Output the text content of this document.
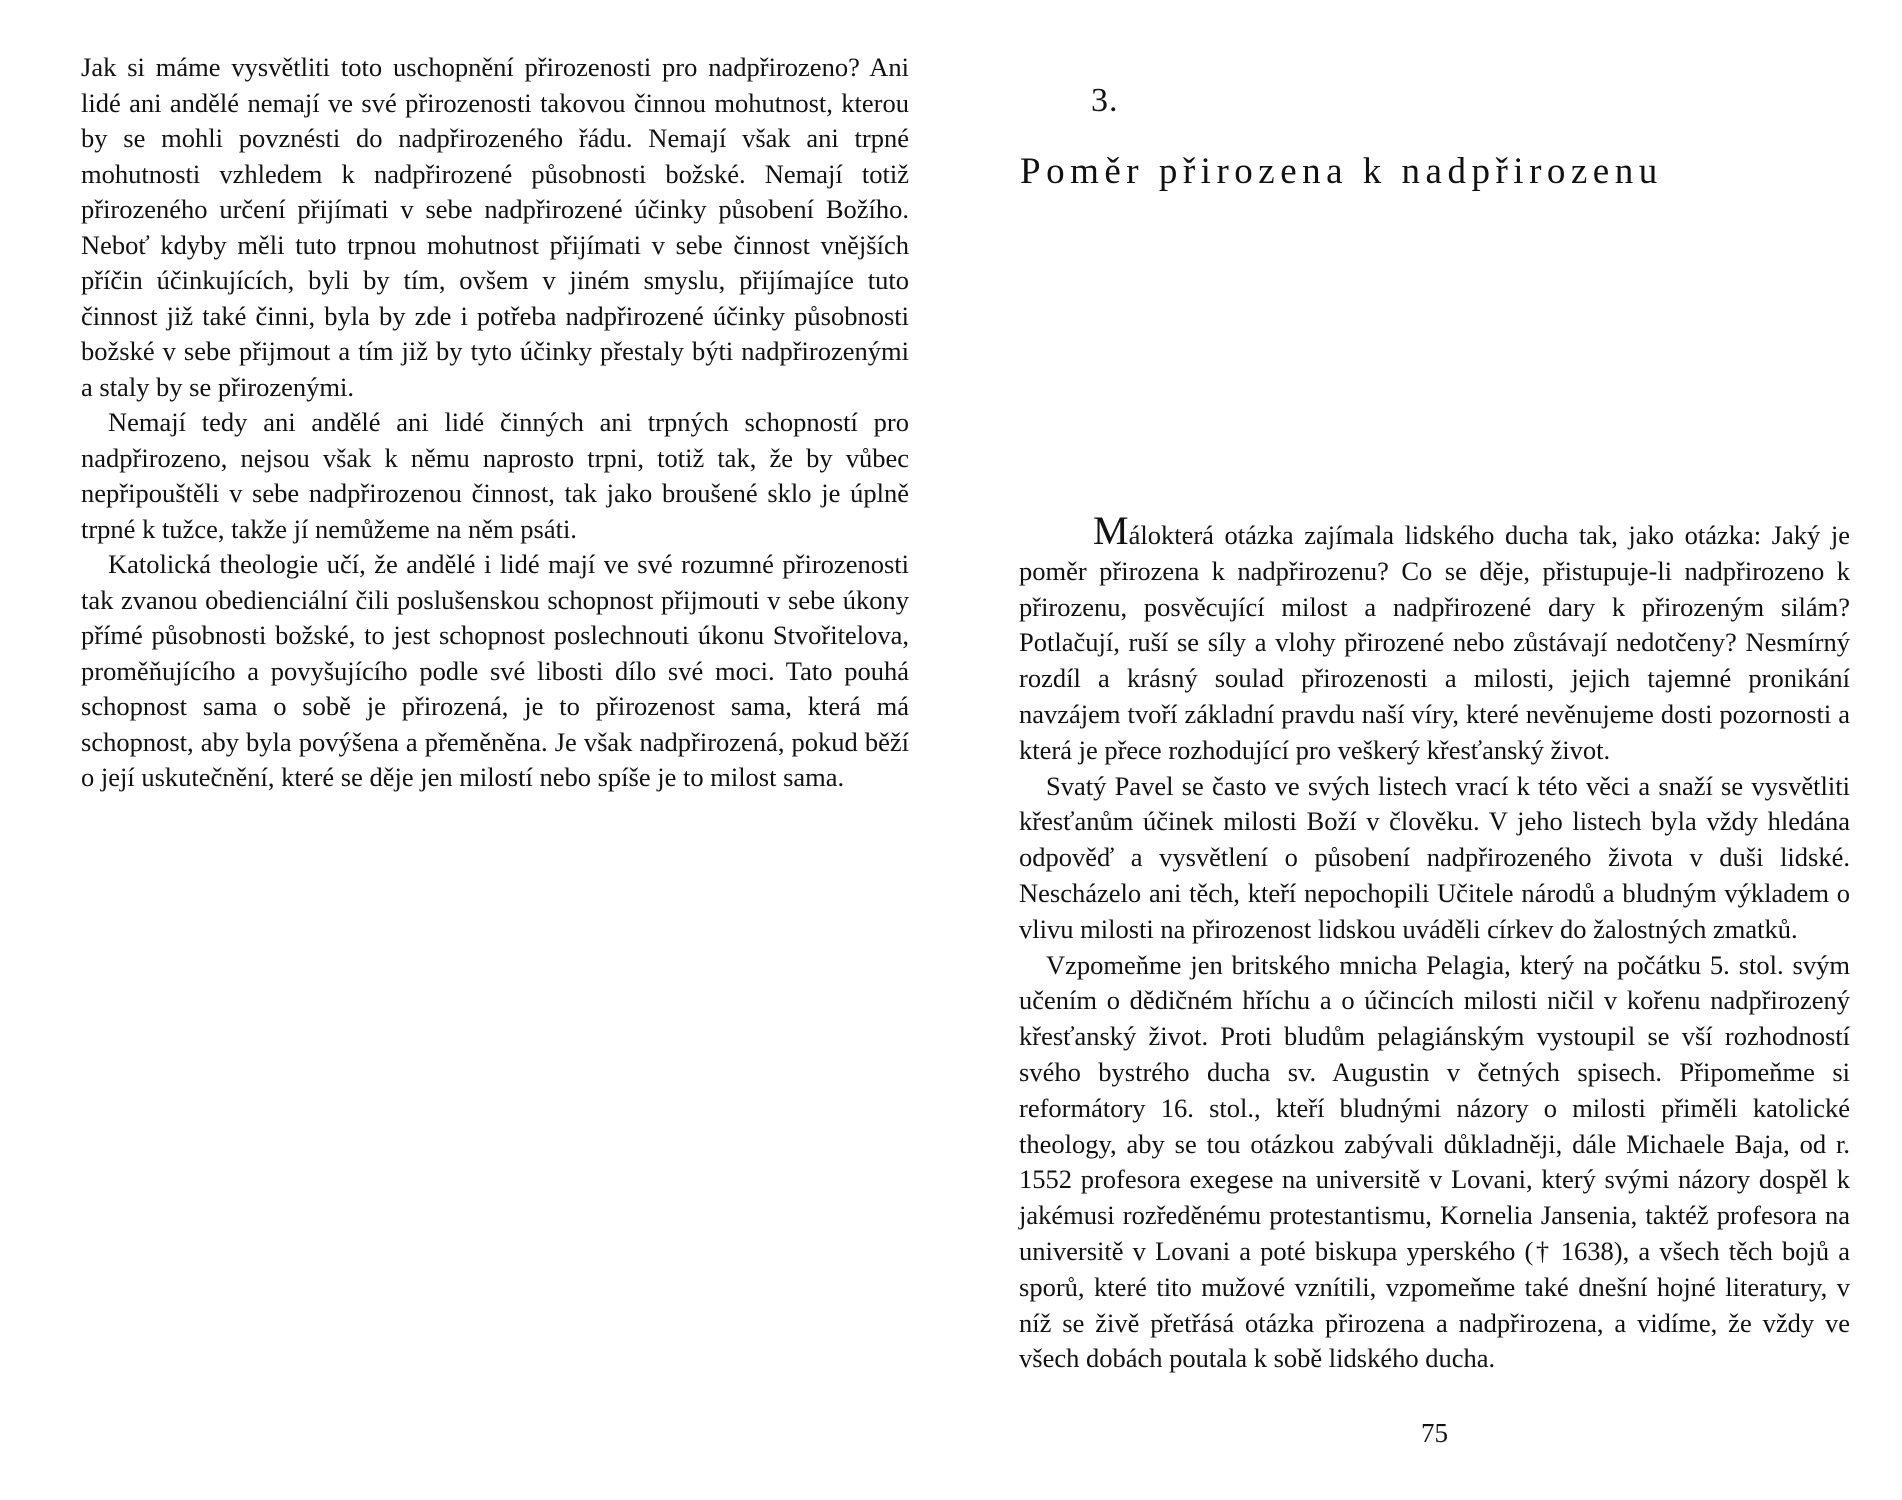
Jak si máme vysvětliti toto uschopnění přirozenosti pro nadpřirozeno? Ani lidé ani andělé nemají ve své přirozenosti takovou činnou mohutnost, kterou by se mohli povznésti do nadpřirozeného řádu. Nemají však ani trpné mohutnosti vzhledem k nadpřirozené působnosti božské. Nemají totiž přirozeného určení přijímati v sebe nadpřirozené účinky působení Božího. Neboť kdyby měli tuto trpnou mohutnost přijímati v sebe činnost vnějších příčin účinkujících, byli by tím, ovšem v jiném smyslu, přijímajíce tuto činnost již také činni, byla by zde i potřeba nadpřirozené účinky působnosti božské v sebe přijmout a tím již by tyto účinky přestaly býti nadpřirozenými a staly by se přirozenými.

Nemají tedy ani andělé ani lidé činných ani trpných schopností pro nadpřirozeno, nejsou však k němu naprosto trpni, totiž tak, že by vůbec nepřipouštěli v sebe nadpřirozenou činnost, tak jako broušené sklo je úplně trpné k tužce, takže jí nemůžeme na něm psáti.

Katolická theologie učí, že andělé i lidé mají ve své rozumné přirozenosti tak zvanou obedienciální čili poslušenskou schopnost přijmouti v sebe úkony přímé působnosti božské, to jest schopnost poslechnouti úkonu Stvořitelova, proměňujícího a povyšujícího podle své libosti dílo své moci. Tato pouhá schopnost sama o sobě je přirozená, je to přirozenost sama, která má schopnost, aby byla povýšena a přeměněna. Je však nadpřirozená, pokud běží o její uskutečnění, které se děje jen milostí nebo spíše je to milost sama.

3.
Poměr přirozena k nadpřirozenu

Málokterá otázka zajímala lidského ducha tak, jako otázka: Jaký je poměr přirozena k nadpřirozenu? Co se děje, přistupuje-li nadpřirozeno k přirozenu, posvěcující milost a nadpřirozené dary k přirozeným silám? Potlačují, ruší se síly a vlohy přirozené nebo zůstávají nedotčeny? Nesmírný rozdíl a krásný soulad přirozenosti a milosti, jejich tajemné pronikání navzájem tvoří základní pravdu naší víry, které nevěnujeme dosti pozornosti a která je přece rozhodující pro veškerý křesťanský život.

Svatý Pavel se často ve svých listech vrací k této věci a snaží se vysvětliti křesťanům účinek milosti Boží v člověku. V jeho listech byla vždy hledána odpověď a vysvětlení o působení nadpřirozeného života v duši lidské. Nescházelo ani těch, kteří nepochopili Učitele národů a bludným výkladem o vlivu milosti na přirozenost lidskou uváděli církev do žalostných zmatků.

Vzpomeňme jen britského mnicha Pelagia, který na počátku 5. stol. svým učením o dědičném hříchu a o účincích milosti ničil v kořenu nadpřirozený křesťanský život. Proti bludům pelagiánským vystoupil se vší rozhodností svého bystrého ducha sv. Augustin v četných spisech. Připomeňme si reformátory 16. stol., kteří bludnými názory o milosti přiměli katolické theology, aby se tou otázkou zabývali důkladněji, dále Michaele Baja, od r. 1552 profesora exegese na universitě v Lovani, který svými názory dospěl k jakémusi rozředěnému protestantismu, Kornelia Jansenia, taktéž profesora na universitě v Lovani a poté biskupa yperského († 1638), a všech těch bojů a sporů, které tito mužové vznítili, vzpomeňme také dnešní hojné literatury, v níž se živě přetřásá otázka přirozena a nadpřirozena, a vidíme, že vždy ve všech dobách poutala k sobě lidského ducha.

75
